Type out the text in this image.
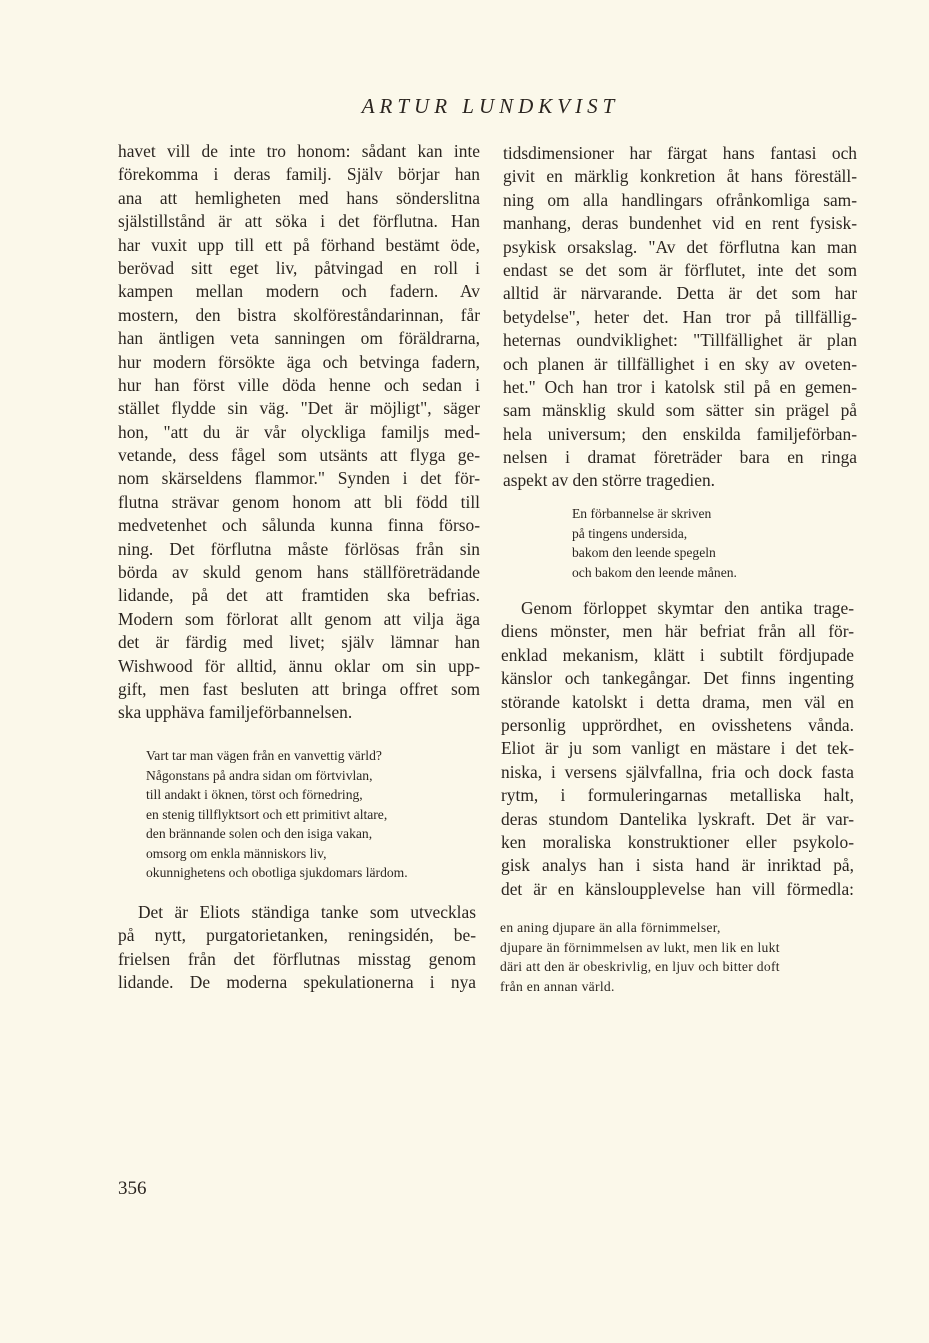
ARTUR LUNDKVIST
havet vill de inte tro honom: sådant kan inte
förekomma i deras familj. Själv börjar han
ana att hemligheten med hans sönderslitna
själstillstånd är att söka i det förflutna. Han
har vuxit upp till ett på förhand bestämt öde,
berövad sitt eget liv, påtvingad en roll i
kampen mellan modern och fadern. Av
mostern, den bistra skolföreståndarinnan, får
han äntligen veta sanningen om föräldrarna,
hur modern försökte äga och betvinga fadern,
hur han först ville döda henne och sedan i
stället flydde sin väg. "Det är möjligt", säger
hon, "att du är vår olyckliga familjs med-
vetande, dess fågel som utsänts att flyga ge-
nom skärseldens flammor." Synden i det för-
flutna strävar genom honom att bli född till
medvetenhet och sålunda kunna finna förso-
ning. Det förflutna måste förlösas från sin
börda av skuld genom hans ställföreträdande
lidande, på det att framtiden ska befrias.
Modern som förlorat allt genom att vilja äga
det är färdig med livet; själv lämnar han
Wishwood för alltid, ännu oklar om sin upp-
gift, men fast besluten att bringa offret som
ska upphäva familjeförbannelsen.
Vart tar man vägen från en vanvettig värld?
Någonstans på andra sidan om förtvivlan,
till andakt i öknen, törst och förnedring,
en stenig tillflyktsort och ett primitivt altare,
den brännande solen och den isiga vakan,
omsorg om enkla människors liv,
okunnighetens och obotliga sjukdomars lärdom.
Det är Eliots ständiga tanke som utvecklas
på nytt, purgatorietanken, reningsidén, be-
frielsen från det förflutnas misstag genom
lidande. De moderna spekulationerna i nya
tidsdimensioner har färgat hans fantasi och
givit en märklig konkretion åt hans föreställ-
ning om alla handlingars ofrånkomliga sam-
manhang, deras bundenhet vid en rent fysisk-
psykisk orsakslag. "Av det förflutna kan man
endast se det som är förflutet, inte det som
alltid är närvarande. Detta är det som har
betydelse", heter det. Han tror på tillfällig-
heternas oundviklighet: "Tillfällighet är plan
och planen är tillfällighet i en sky av oveten-
het." Och han tror i katolsk stil på en gemen-
sam mänsklig skuld som sätter sin prägel på
hela universum; den enskilda familjeförban-
nelsen i dramat företräder bara en ringa
aspekt av den större tragedien.
En förbannelse är skriven
på tingens undersida,
bakom den leende spegeln
och bakom den leende månen.
Genom förloppet skymtar den antika trage-
diens mönster, men här befriat från all för-
enklad mekanism, klätt i subtilt fördjupade
känslor och tankegångar. Det finns ingenting
störande katolskt i detta drama, men väl en
personlig upprördhet, en ovisshetens vånda.
Eliot är ju som vanligt en mästare i det tek-
niska, i versens självfallna, fria och dock fasta
rytm, i formuleringarnas metalliska halt,
deras stundom Dantelika lyskraft. Det är var-
ken moraliska konstruktioner eller psykolo-
gisk analys han i sista hand är inriktad på,
det är en känsloupplevelse han vill förmedla:
en aning djupare än alla förnimmelser,
djupare än förnimmelsen av lukt, men lik en lukt
däri att den är obeskrivlig, en ljuv och bitter doft
från en annan värld.
356
